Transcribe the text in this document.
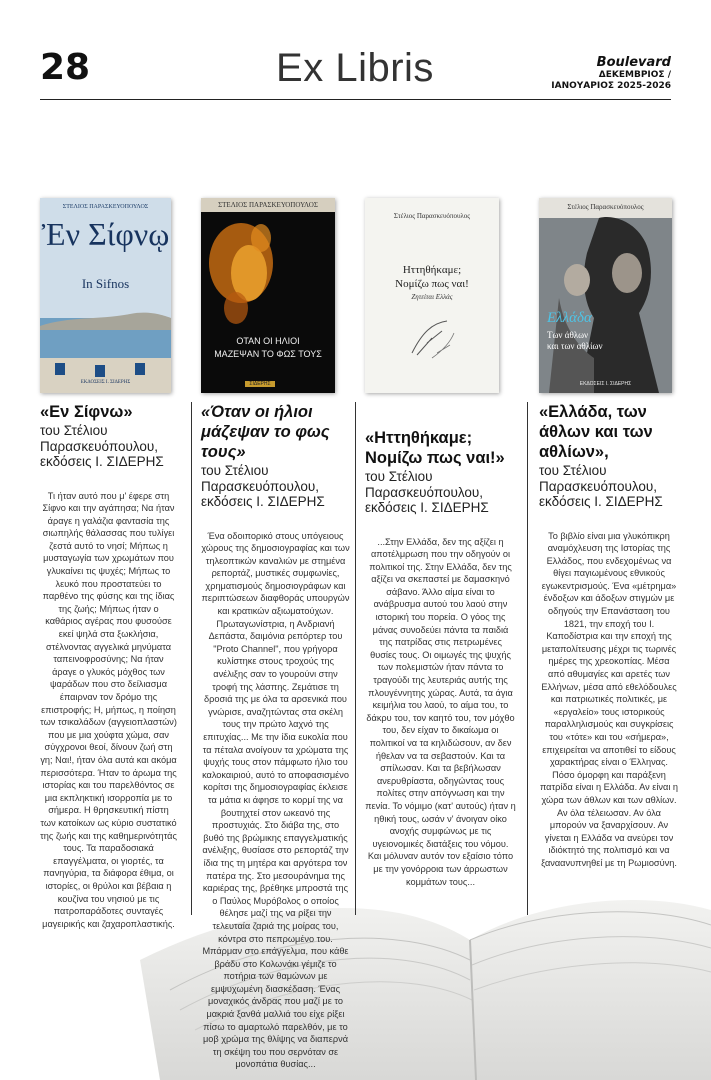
28	Ex Libris	Boulevard
ΔΕΚΕΜΒΡΙΟΣ /
ΙΑΝΟΥΑΡΙΟΣ 2025-2026
ΣΤΕΛΙΟΣ ΠΑΡΑΣΚΕΥΟΠΟΥΛΟΣ
Ἐν Σίφνῳ
In Sifnos
ΕΚΔΟΣΕΙΣ Ι. ΣΙΔΕΡΗΣ
ΣΤΕΛΙΟΣ ΠΑΡΑΣΚΕΥΟΠΟΥΛΟΣ
ΟΤΑΝ ΟΙ ΗΛΙΟΙ
ΜΑΖΕΨΑΝ ΤΟ ΦΩΣ ΤΟΥΣ
ΣΙΔΕΡΗΣ
Στέλιος Παρασκευόπουλος
Ηττηθήκαμε;
Νομίζω πως ναι!
Ζητείται Ελλάς
Στέλιος Παρασκευόπουλος
Ελλάδα
Των άθλων
και των αθλίων
ΕΚΔΟΣΕΙΣ Ι. ΣΙΔΕΡΗΣ
«Εν Σίφνω»
του Στέλιου Παρασκευόπουλου, εκδόσεις Ι. ΣΙΔΕΡΗΣ
Τι ήταν αυτό που μ' έφερε στη Σίφνο και την αγάπησα; Να ήταν άραγε η γαλάζια φαντασία της σιωπηλής θάλασσας που τυλίγει ζεστά αυτό το νησί; Μήπως η μυσταγωγία των χρωμάτων που γλυκαίνει τις ψυχές; Μήπως το λευκό που προστατεύει το παρθένο της φύσης και της ίδιας της ζωής; Μήπως ήταν ο καθάριος αγέρας που φυσούσε εκεί ψηλά στα ξωκλήσια, στέλνοντας αγγελικά μηνύματα ταπεινοφροσύνης; Να ήταν άραγε ο γλυκός μόχθος των ψαράδων που στο δείλιασμα έπαιρναν τον δρόμο της επιστροφής; Η, μήπως, η ποίηση των τσικαλάδων (αγγειοπλαστών) που με μια χούφτα χώμα, σαν σύγχρονοι θεοί, δίνουν ζωή στη γη; Ναι!, ήταν όλα αυτά και ακόμα περισσότερα. Ήταν το άρωμα της ιστορίας και του παρελθόντος σε μια εκπληκτική ισορροπία με το σήμερα. Η θρησκευτική πίστη των κατοίκων ως κύριο συστατικό της ζωής και της καθημερινότητάς τους. Τα παραδοσιακά επαγγέλματα, οι γιορτές, τα πανηγύρια, τα διάφορα έθιμα, οι ιστορίες, οι θρύλοι και βέβαια η κουζίνα του νησιού με τις πατροπαράδοτες συνταγές μαγειρικής και ζαχαροπλαστικής.
«Όταν οι ήλιοι μάζεψαν το φως τους»
του Στέλιου Παρασκευόπουλου, εκδόσεις Ι. ΣΙΔΕΡΗΣ
Ένα οδοιπορικό στους υπόγειους χώρους της δημοσιογραφίας και των τηλεοπτικών καναλιών με στημένα ρεπορτάζ, μυστικές συμφωνίες, χρηματισμούς δημοσιογράφων και περιπτώσεων διαφθοράς υπουργών και κρατικών αξιωματούχων. Πρωταγωνίστρια, η Ανδριανή Δεπάστα, δαιμόνια ρεπόρτερ του "Proto Channel", που γρήγορα κυλίστηκε στους τροχούς της ανέλιξης σαν το γουρούνι στην τροφή της λάσπης. Ζεμάτισε τη δροσιά της με όλα τα αρσενικά που γνώρισε, αναζητώντας στα σκέλη τους την πρώτο λαχνό της επιτυχίας... Με την ίδια ευκολία που τα πέταλα ανοίγουν τα χρώματα της ψυχής τους στον πάμφωτο ήλιο του καλοκαιριού, αυτό το αποφασισμένο κορίτσι της δημοσιογραφίας έκλεισε τα μάτια κι άφησε το κορμί της να βουτηχτεί στον ωκεανό της προστυχιάς. Στο διάβα της, στο βυθό της βρώμικης επαγγελματικής ανέλιξης, θυσίασε στο ρεπορτάζ την ίδια της τη μητέρα και αργότερα τον πατέρα της. Στο μεσουράνημα της καριέρας της, βρέθηκε μπροστά της ο Παύλος Μυρόβολος ο οποίος θέλησε μαζί της να ρίξει την τελευταία ζαριά της μοίρας του, κόντρα στο πεπρωμένο του. Μπάρμαν στο επάγγελμα, που κάθε βράδυ στο Κολωνάκι γέμιζε το ποτήρια των θαμώνων με εμψυχωμένη διασκέδαση. Ένας μοναχικός άνδρας που μαζί με το μακριά ξανθά μαλλιά του είχε ρίξει πίσω το αμαρτωλό παρελθόν, με το μοβ χρώμα της θλίψης να διαπερνά τη σκέψη του που σερνόταν σε μονοπάτια θυσίας...
«Ηττηθήκαμε; Νομίζω πως ναι!»
του Στέλιου Παρασκευόπουλου, εκδόσεις Ι. ΣΙΔΕΡΗΣ
...Στην Ελλάδα, δεν της αξίζει η αποτέλμρωση που την οδηγούν οι πολιτικοί της. Στην Ελλάδα, δεν της αξίζει να σκεπαστεί με δαμασκηνό σάβανο. Άλλο αίμα είναι το ανάβρυσμα αυτού του λαού στην ιστορική του πορεία. Ο γόος της μάνας συνοδεύει πάντα τα παιδιά της πατρίδας στις πετρωμένες θυσίες τους. Οι οιμωγές της ψυχής των πολεμιστών ήταν πάντα το τραγούδι της λευτεριάς αυτής της πλουγέννητης χώρας. Αυτά, τα άγια κειμήλια του λαού, το αίμα του, το δάκρυ του, τον καητό του, τον μόχθο του, δεν είχαν το δικαίωμα οι πολιτικοί να τα κηλιδώσουν, αν δεν ήθελαν να τα σεβαστούν. Και τα σπίλωσαν. Και τα βεβήλωσαν ανερυθρίαστα, οδηγώντας τους πολίτες στην απόγνωση και την πενία. Το νόμιμο (κατ' αυτούς) ήταν η ηθική τους, ωσάν ν' άνοιγαν οίκο ανοχής συμφώνως με τις υγειονομικές διατάξεις του νόμου. Και μόλυναν αυτόν τον εξαίσιο τόπο με την γονόρροια των άρρωστων κομμάτων τους...
«Ελλάδα, των άθλων και των αθλίων»,
του Στέλιου Παρασκευόπουλου, εκδόσεις Ι. ΣΙΔΕΡΗΣ
Το βιβλίο είναι μια γλυκόπικρη αναμόχλευση της Ιστορίας της Ελλάδος, που ενδεχομένως να θίγει παγιωμένους εθνικούς εγωκεντρισμούς. Ένα «μέτρημα» ένδοξων και άδοξων στιγμών με οδηγούς την Επανάσταση του 1821, την εποχή του Ι. Καποδίστρια και την εποχή της μεταπολίτευσης μέχρι τις τωρινές ημέρες της χρεοκοπίας. Μέσα από αθυμαγίες και αρετές των Ελλήνων, μέσα από εθελόδουλες και πατριωτικές πολιτικές, με «εργαλείο» τους ιστορικούς παραλληλισμούς και συγκρίσεις του «τότε» και του «σήμερα», επιχειρείται να αποτιθεί το είδους χαρακτήρας είναι ο Έλληνας. Πόσο όμορφη και παράξενη πατρίδα είναι η Ελλάδα. Αν είναι η χώρα των άθλων και των αθλίων. Αν όλα τέλειωσαν. Αν όλα μπορούν να ξαναρχίσουν. Αν γίνεται η Ελλάδα να ανεύρει τον ιδιόκτητό της πολιτισμό και να ξαναανυπνηθεί με τη Ρωμιοσύνη.
